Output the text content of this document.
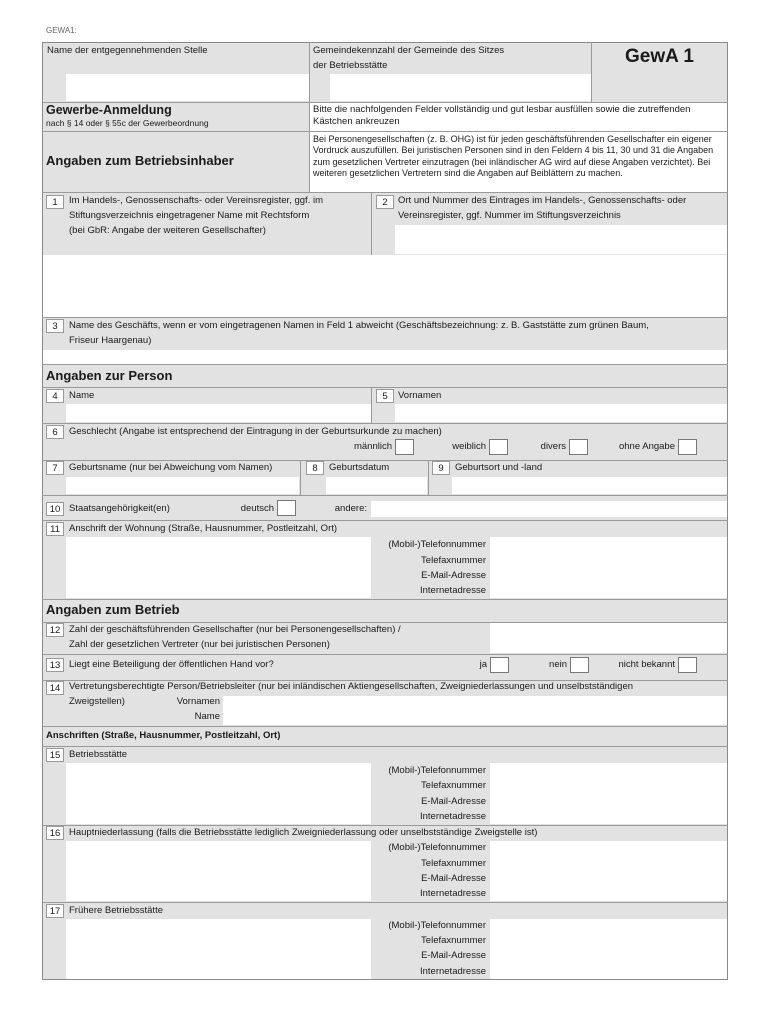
GEWA1:
Name der entgegennehmenden Stelle	Gemeindekennzahl der Gemeinde des Sitzes
der Betriebsstätte	GewA 1
Gewerbe-Anmeldung
nach § 14 oder § 55c der Gewerbeordnung
Bitte die nachfolgenden Felder vollständig und gut lesbar ausfüllen sowie die zutreffenden Kästchen ankreuzen
Angaben zum Betriebsinhaber
Bei Personengesellschaften (z. B. OHG) ist für jeden geschäftsführenden Gesellschafter ein eigener Vordruck auszufüllen. Bei juristischen Personen sind in den Feldern 4 bis 11, 30 und 31 die Angaben zum gesetzlichen Vertreter einzutragen (bei inländischer AG wird auf diese Angaben verzichtet). Bei weiteren gesetzlichen Vertretern sind die Angaben auf Beiblättern zu machen.
1	Im Handels-, Genossenschafts- oder Vereinsregister, ggf. im
Stiftungsverzeichnis eingetragener Name mit Rechtsform
(bei GbR: Angabe der weiteren Gesellschafter)
2	Ort und Nummer des Eintrages im Handels-, Genossenschafts- oder
Vereinsregister, ggf. Nummer im Stiftungsverzeichnis
3	Name des Geschäfts, wenn er vom eingetragenen Namen in Feld 1 abweicht (Geschäftsbezeichnung: z. B. Gaststätte zum grünen Baum,
Friseur Haargenau)
Angaben zur Person
4	Name	5	Vornamen
6	Geschlecht (Angabe ist entsprechend der Eintragung in der Geburtsurkunde zu machen)
männlich	weiblich	divers	ohne Angabe
7	Geburtsname (nur bei Abweichung vom Namen)	8	Geburtsdatum	9	Geburtsort und -land
10 Staatsangehörigkeit(en)	deutsch	andere:
11 Anschrift der Wohnung (Straße, Hausnummer, Postleitzahl, Ort)
(Mobil-)Telefonnummer
Telefaxnummer
E-Mail-Adresse
Internetadresse
Angaben zum Betrieb
12 Zahl der geschäftsführenden Gesellschafter (nur bei Personengesellschaften) /
Zahl der gesetzlichen Vertreter (nur bei juristischen Personen)
13 Liegt eine Beteiligung der öffentlichen Hand vor?	ja	nein	nicht bekannt
14 Vertretungsberechtigte Person/Betriebsleiter (nur bei inländischen Aktiengesellschaften, Zweigniederlassungen und unselbstständigen
Zweigstellen)	Vornamen
Name
Anschriften (Straße, Hausnummer, Postleitzahl, Ort)
15 Betriebsstätte
(Mobil-)Telefonnummer
Telefaxnummer
E-Mail-Adresse
Internetadresse
16 Hauptniederlassung (falls die Betriebsstätte lediglich Zweigniederlassung oder unselbstständige Zweigstelle ist)
(Mobil-)Telefonnummer
Telefaxnummer
E-Mail-Adresse
Internetadresse
17 Frühere Betriebsstätte
(Mobil-)Telefonnummer
Telefaxnummer
E-Mail-Adresse
Internetadresse
